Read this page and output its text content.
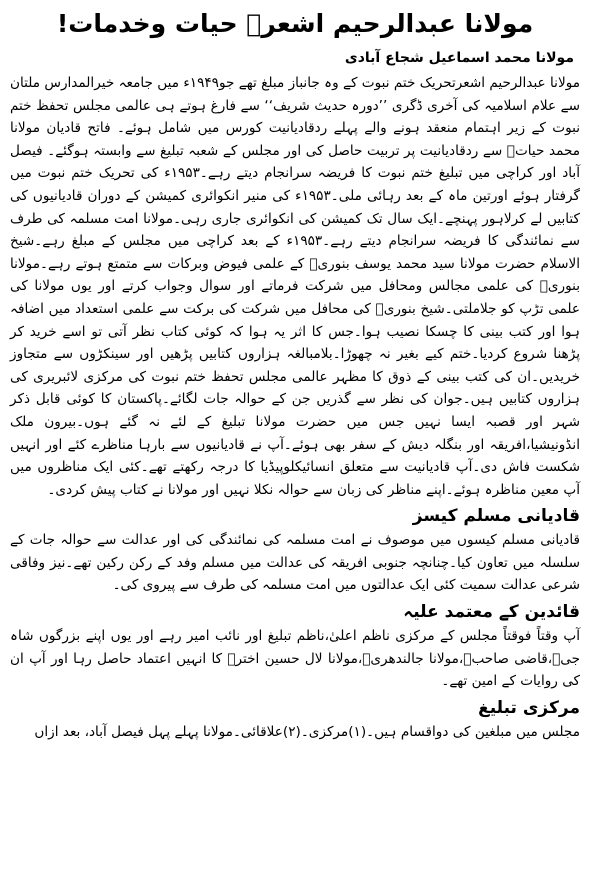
مولانا عبدالرحیم اشعرؒ حیات وخدمات!
مولانا محمد اسماعیل شجاع آبادی

مولانا عبدالرحیم اشعرتحریک ختم نبوت کے وہ جانباز مبلغ تھے جو۱۹۴۹ء میں جامعہ خیرالمدارس ملتان سے علام اسلامیہ کی آخری ڈگری ’’دورہ حدیث شریف‘‘ سے فارغ ہوتے ہی عالمی مجلس تحفظ ختم نبوت کے زیر اہتمام منعقد ہونے والے پہلے ردقادیانیت کورس میں شامل ہوئے۔ فاتح قادیان مولانا محمد حیاتؒ سے ردقادیانیت پر تربیت حاصل کی اور مجلس کے شعبہ تبلیغ سے وابستہ ہوگئے۔ فیصل آباد اور کراچی میں تبلیغ ختم نبوت کا فریضہ سرانجام دیتے رہے۔۱۹۵۳ء کی تحریک ختم نبوت میں گرفتار ہوئے اورتین ماہ کے بعد رہائی ملی۔۱۹۵۳ء کی منیر انکوائری کمیشن کے دوران قادیانیوں کی کتابیں لے کرلاہور پہنچے۔ایک سال تک کمیشن کی انکوائری جاری رہی۔مولانا امت مسلمہ کی طرف سے نمائندگی کا فریضہ سرانجام دیتے رہے۔۱۹۵۳ء کے بعد کراچی میں مجلس کے مبلغ رہے۔شیخ الاسلام حضرت مولانا سید محمد یوسف بنوریؒ کے علمی فیوض وبرکات سے متمتع ہوتے رہے۔مولانا بنوریؒ کی علمی مجالس ومحافل میں شرکت فرماتے اور سوال وجواب کرتے اور یوں مولانا کی علمی تڑپ کو جلاملتی۔شیخ بنوریؒ کی محافل میں شرکت کی برکت سے علمی استعداد میں اضافہ ہوا اور کتب بینی کا چسکا نصیب ہوا۔جس کا اثر یہ ہوا کہ کوئی کتاب نظر آتی تو اسے خرید کر پڑھنا شروع کردیا۔ختم کیے بغیر نہ چھوڑا۔بلامبالغہ ہزاروں کتابیں پڑھیں اور سینکڑوں سے متجاوز خریدیں۔ان کی کتب بینی کے ذوق کا مظہر عالمی مجلس تحفظ ختم نبوت کی مرکزی لائبریری کی ہزاروں کتابیں ہیں۔جوان کی نظر سے گذریں جن کے حوالہ جات لگائے۔پاکستان کا کوئی قابل ذکر شہر اور قصبہ ایسا نہیں جس میں حضرت مولانا تبلیغ کے لئے نہ گئے ہوں۔بیرون ملک انڈونیشیا،افریقہ اور بنگلہ دیش کے سفر بھی ہوئے۔آپ نے قادیانیوں سے بارہا مناظرے کئے اور انہیں شکست فاش دی۔آپ قادیانیت سے متعلق انسائیکلوپیڈیا کا درجہ رکھتے تھے۔کئی ایک مناظروں میں آپ معین مناظرہ ہوئے۔اپنے مناظر کی زبان سے حوالہ نکلا نہیں اور مولانا نے کتاب پیش کردی۔

قادیانی مسلم کیسز

قادیانی مسلم کیسوں میں موصوف نے امت مسلمہ کی نمائندگی کی اور عدالت سے حوالہ جات کے سلسلہ میں تعاون کیا۔چنانچہ جنوبی افریقہ کی عدالت میں مسلم وفد کے رکن رکین تھے۔نیز وفاقی شرعی عدالت سمیت کئی ایک عدالتوں میں امت مسلمہ کی طرف سے پیروی کی۔

قائدین کے معتمد علیہ

آپ وقتاً فوقتاً مجلس کے مرکزی ناظم اعلیٰ،ناظم تبلیغ اور نائب امیر رہے اور یوں اپنے بزرگوں شاہ جیؒ،قاضی صاحبؒ،مولانا جالندھریؒ،مولانا لال حسین اخترؒ کا انہیں اعتماد حاصل رہا اور آپ ان کی روایات کے امین تھے۔

مرکزی تبلیغ

مجلس میں مبلغین کی دواقسام ہیں۔(۱)مرکزی۔(۲)علاقائی۔مولانا پہلے پہل فیصل آباد، بعد ازاں
